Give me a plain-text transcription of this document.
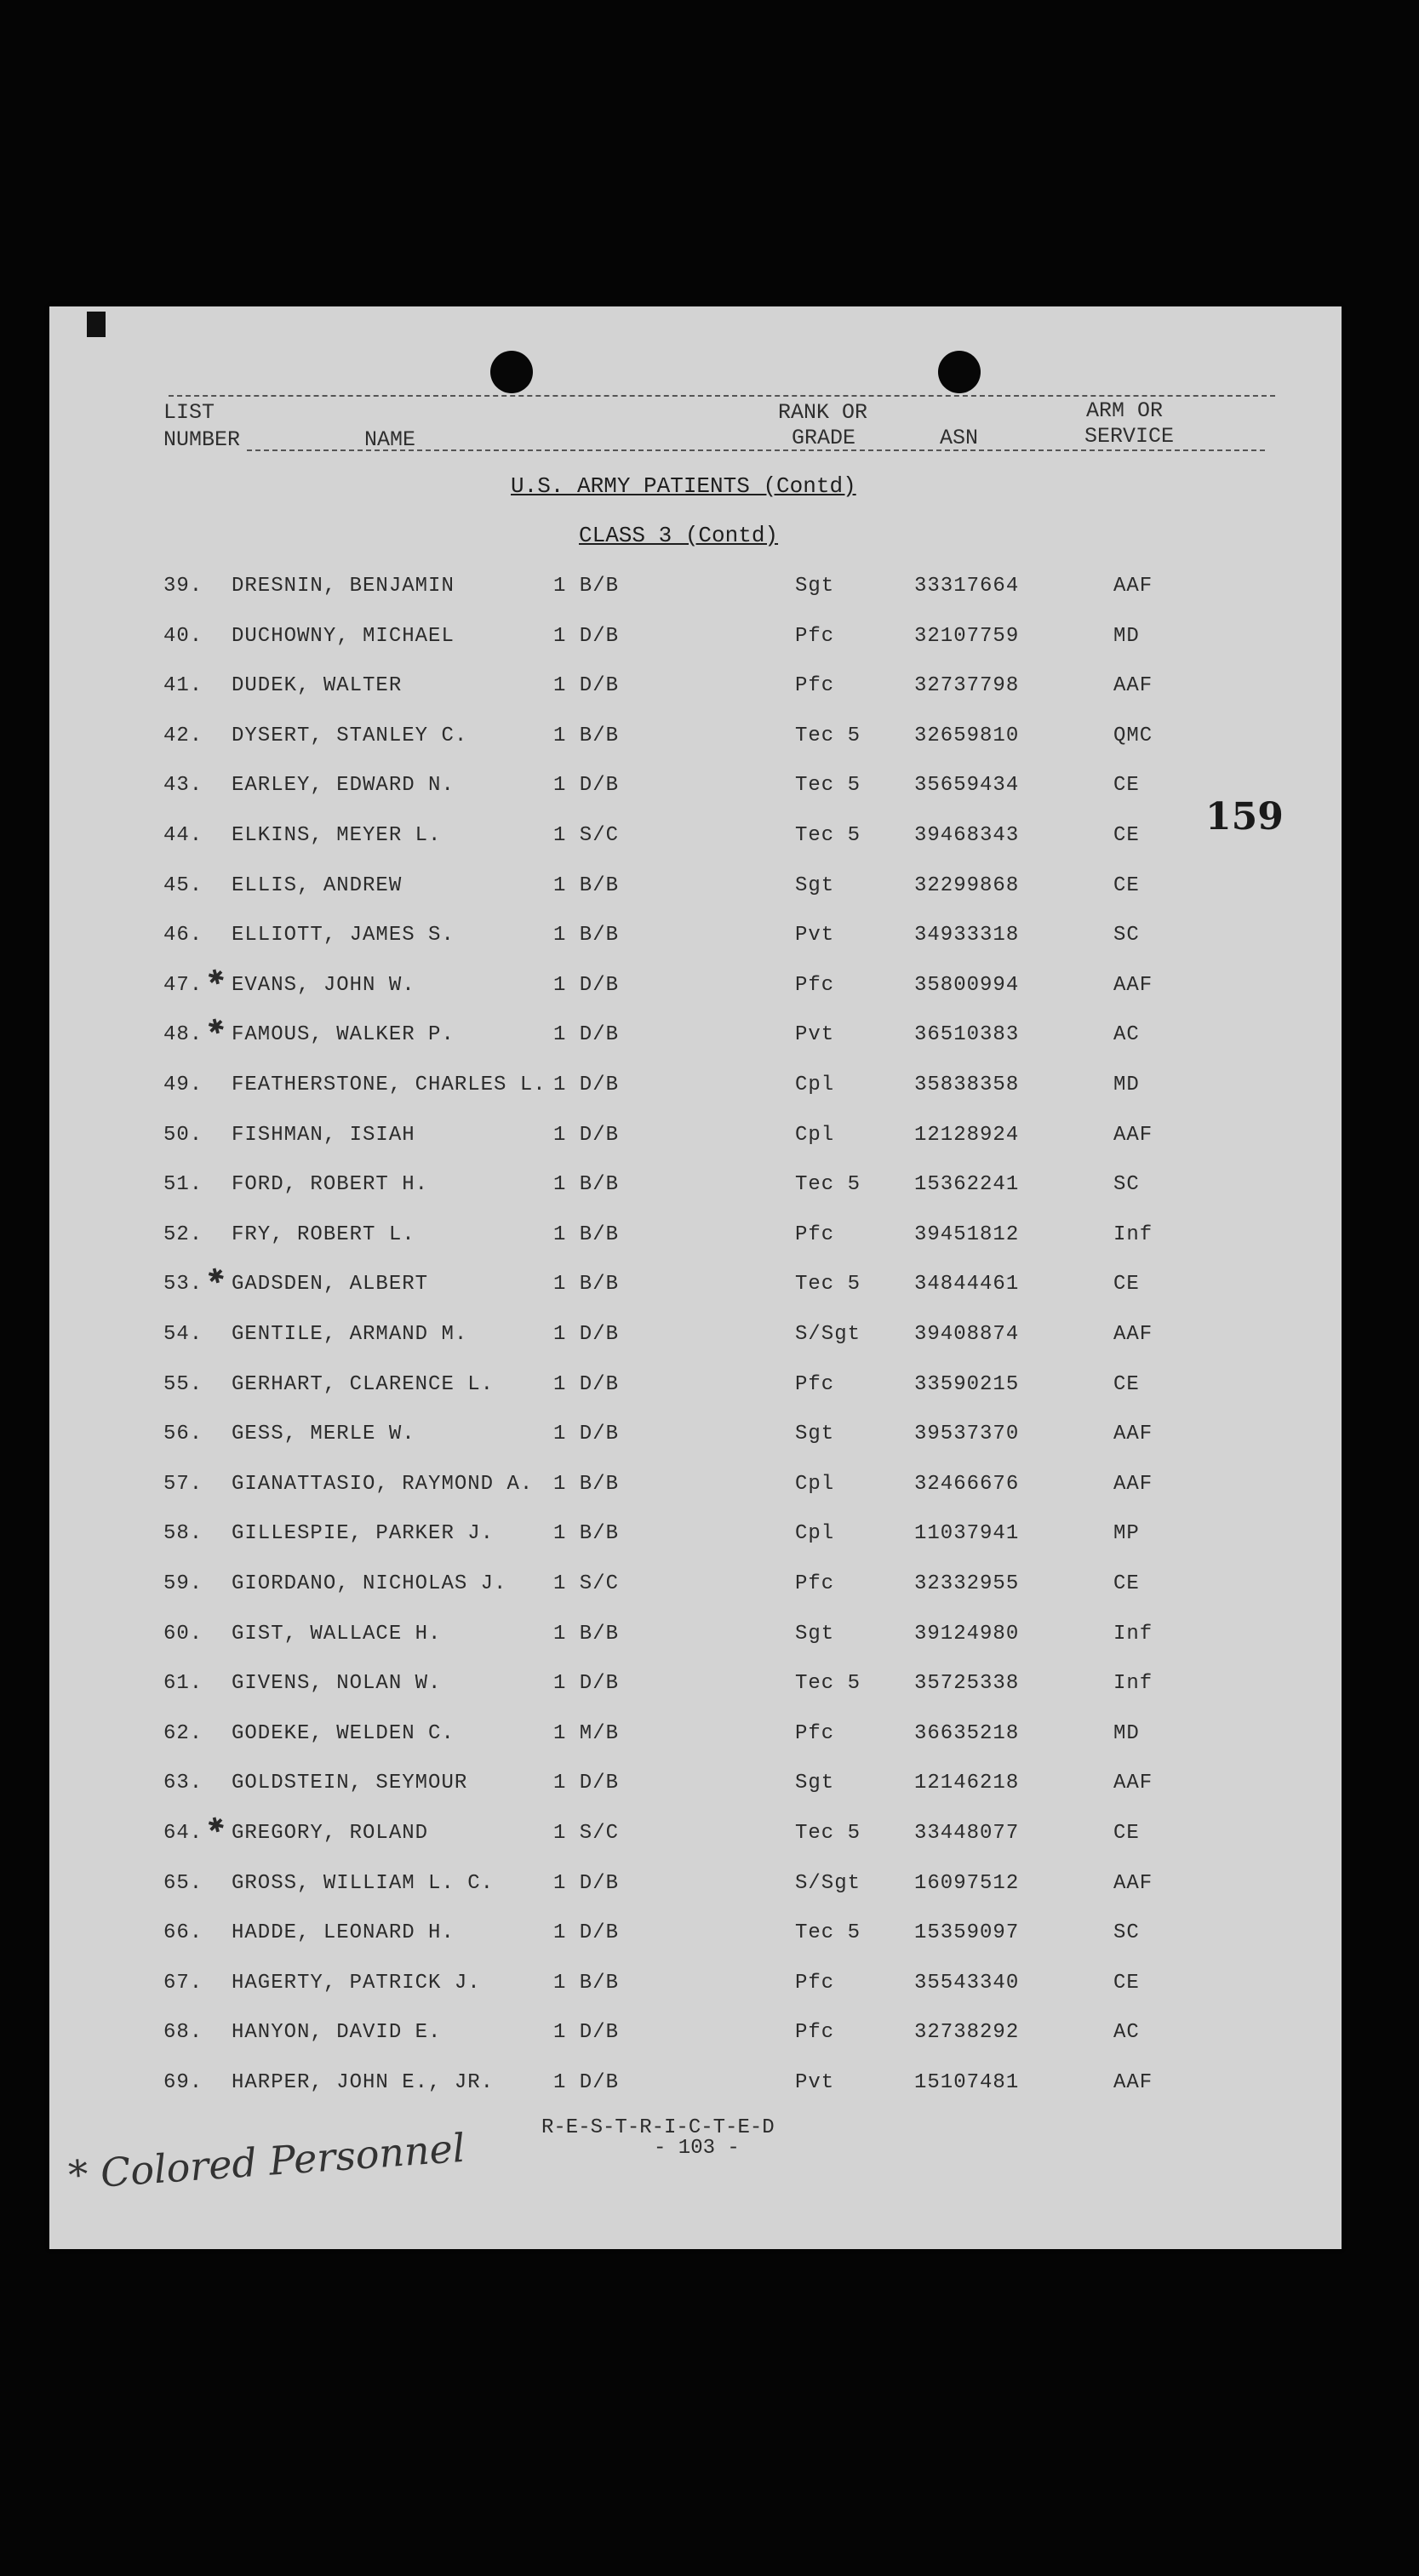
LIST
NUMBER	NAME
RANK OR
GRADE	ASN
ARM OR
SERVICE
U.S. ARMY PATIENTS (Contd)
CLASS 3 (Contd)
159
39. DRESNIN, BENJAMIN	1 B/B	Sgt	33317664	AAF
40. DUCHOWNY, MICHAEL	1 D/B	Pfc	32107759	MD
41. DUDEK, WALTER	1 D/B	Pfc	32737798	AAF
42. DYSERT, STANLEY C.	1 B/B	Tec 5	32659810	QMC
43. EARLEY, EDWARD N.	1 D/B	Tec 5	35659434	CE
44. ELKINS, MEYER L.	1 S/C	Tec 5	39468343	CE
45. ELLIS, ANDREW	1 B/B	Sgt	32299868	CE
46. ELLIOTT, JAMES S.	1 B/B	Pvt	34933318	SC
47. EVANS, JOHN W.	1 D/B	Pfc	35800994	AAF
✱
48. FAMOUS, WALKER P.	1 D/B	Pvt	36510383	AC
✱
49. FEATHERSTONE, CHARLES L. 1 D/B	Cpl	35838358	MD
50. FISHMAN, ISIAH	1 D/B	Cpl	12128924	AAF
51. FORD, ROBERT H.	1 B/B	Tec 5	15362241	SC
52. FRY, ROBERT L.	1 B/B	Pfc	39451812	Inf
53. GADSDEN, ALBERT	1 B/B	Tec 5	34844461	CE
✱
54. GENTILE, ARMAND M.	1 D/B	S/Sgt	39408874	AAF
55. GERHART, CLARENCE L.	1 D/B	Pfc	33590215	CE
56. GESS, MERLE W.	1 D/B	Sgt	39537370	AAF
57. GIANATTASIO, RAYMOND A. 1 B/B	Cpl	32466676	AAF
58. GILLESPIE, PARKER J.	1 B/B	Cpl	11037941	MP
59. GIORDANO, NICHOLAS J. 1 S/C	Pfc	32332955	CE
60. GIST, WALLACE H.	1 B/B	Sgt	39124980	Inf
61. GIVENS, NOLAN W.	1 D/B	Tec 5	35725338	Inf
62. GODEKE, WELDEN C.	1 M/B	Pfc	36635218	MD
63. GOLDSTEIN, SEYMOUR	1 D/B	Sgt	12146218	AAF
64. GREGORY, ROLAND	1 S/C	Tec 5	33448077	CE
✱
65. GROSS, WILLIAM L. C.	1 D/B	S/Sgt	16097512	AAF
66. HADDE, LEONARD H.	1 D/B	Tec 5	15359097	SC
67. HAGERTY, PATRICK J.	1 B/B	Pfc	35543340	CE
68. HANYON, DAVID E.	1 D/B	Pfc	32738292	AC
69. HARPER, JOHN E., JR.	1 D/B	Pvt	15107481	AAF
R-E-S-T-R-I-C-T-E-D
- 103 -
* Colored Personnel
